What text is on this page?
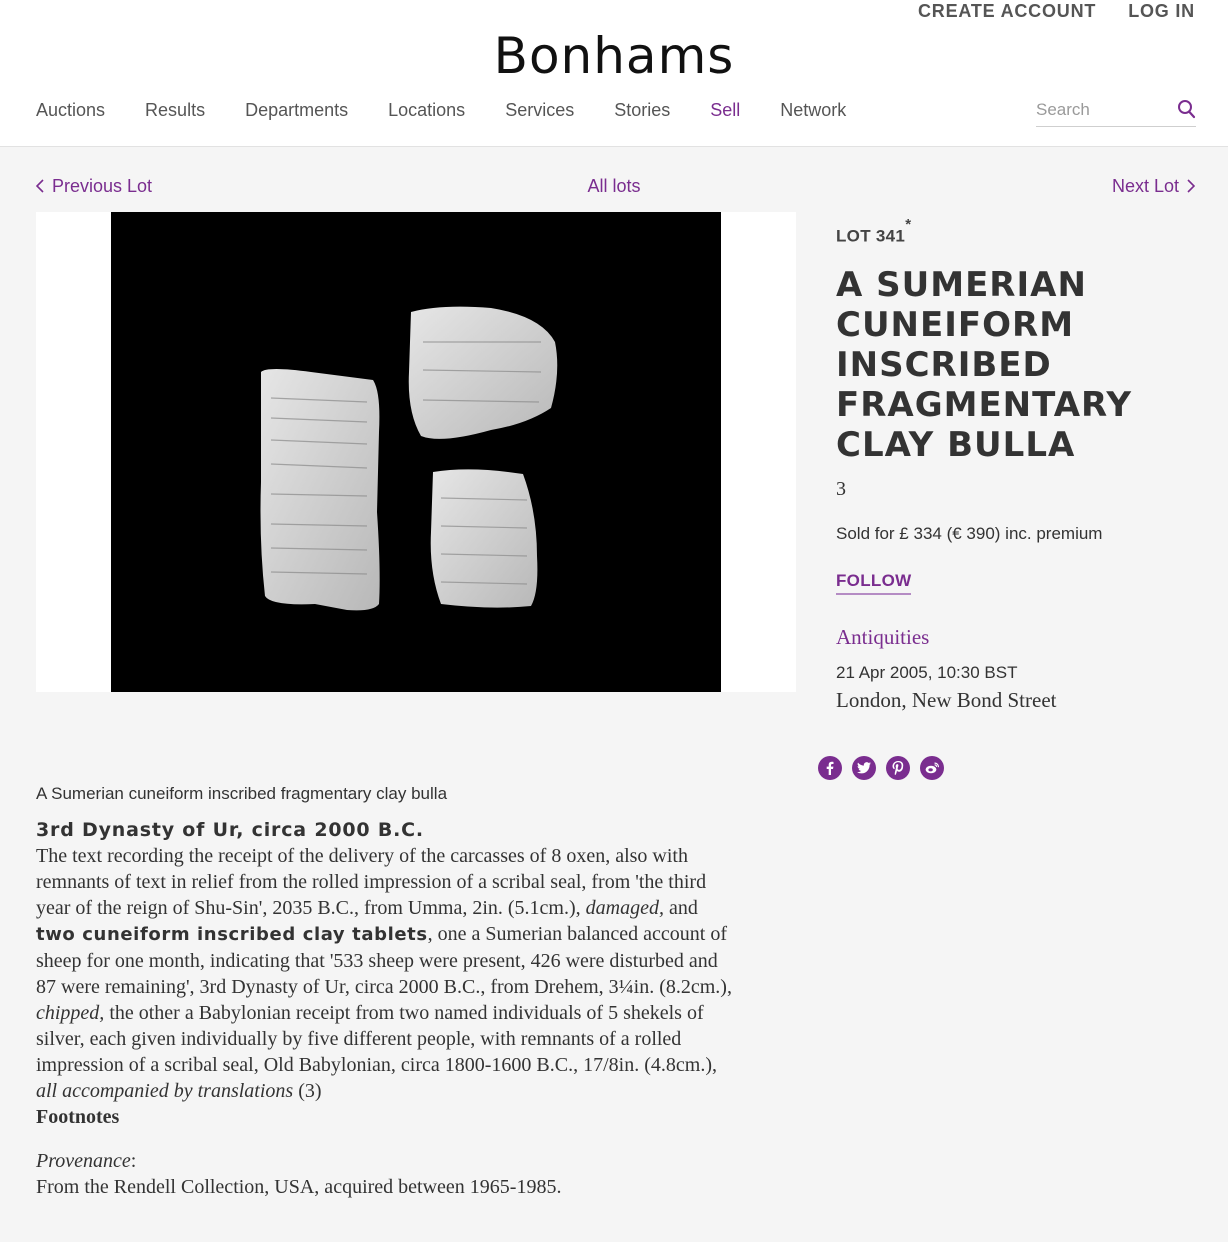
CREATE ACCOUNT LOG IN
Bonhams
Auctions Results Departments Locations Services Stories Sell Network
Search
Previous Lot	All lots	Next Lot
LOT 341*
A SUMERIAN CUNEIFORM INSCRIBED FRAGMENTARY CLAY BULLA
3
Sold for £ 334 (€ 390) inc. premium
FOLLOW
Antiquities
21 Apr 2005, 10:30 BST
London, New Bond Street
A Sumerian cuneiform inscribed fragmentary clay bulla
3rd Dynasty of Ur, circa 2000 B.C.
The text recording the receipt of the delivery of the carcasses of 8 oxen, also with remnants of text in relief from the rolled impression of a scribal seal, from 'the third year of the reign of Shu-Sin', 2035 B.C., from Umma, 2in. (5.1cm.), damaged, and two cuneiform inscribed clay tablets, one a Sumerian balanced account of sheep for one month, indicating that '533 sheep were present, 426 were disturbed and 87 were remaining', 3rd Dynasty of Ur, circa 2000 B.C., from Drehem, 3¼in. (8.2cm.), chipped, the other a Babylonian receipt from two named individuals of 5 shekels of silver, each given individually by five different people, with remnants of a rolled impression of a scribal seal, Old Babylonian, circa 1800-1600 B.C., 17/8in. (4.8cm.), all accompanied by translations (3)
Footnotes
Provenance:
From the Rendell Collection, USA, acquired between 1965-1985.
